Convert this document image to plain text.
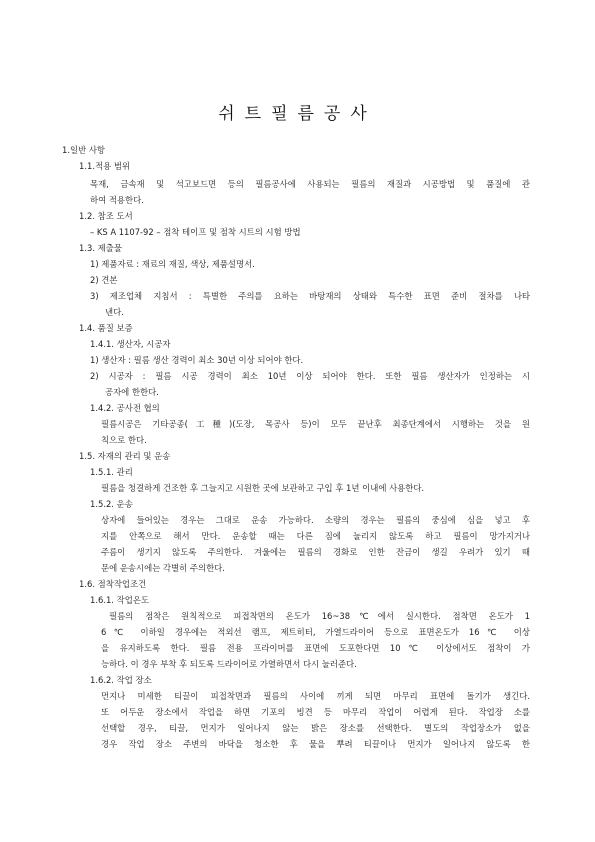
쉬트필름공사
1.일반 사항
1.1.적용 범위
목재, 금속재 및 석고보드면 등의 필름공사에 사용되는 필름의 재질과 시공방법 및 품질에 관
하여 적용한다.
1.2. 참조 도서
– KS A 1107-92 – 점착 테이프 및 점착 시트의 시험 방법
1.3. 제출물
1) 제품자료 : 재료의 재질, 색상, 제품설명서.
2) 견본
3) 제조업체 지침서 : 특별한 주의를 요하는 바탕재의 상태와 특수한 표면 준비 절차를 나타
낸다.
1.4. 품질 보증
1.4.1. 생산자, 시공자
1) 생산자 : 필름 생산 경력이 최소 30년 이상 되어야 한다.
2) 시공자 : 필름 시공 경력이 최소 10년 이상 되어야 한다. 또한 필름 생산자가 인정하는 시
공자에 한한다.
1.4.2. 공사전 협의
필름시공은 기타공종(工種)(도장, 목공사 등)이 모두 끝난후 최종단계에서 시행하는 것을 원
칙으로 한다.
1.5. 자재의 관리 및 운송
1.5.1. 관리
필름을 청결하게 건조한 후 그늘지고 시원한 곳에 보관하고 구입 후 1년 이내에 사용한다.
1.5.2. 운송
상자에 들어있는 경우는 그대로 운송 가능하다. 소량의 경우는 필름의 중심에 심을 넣고 후
지를 안쪽으로 해서 만다. 운송할 때는 다른 짐에 눌리지 않도록 하고 필름이 망가지거나
주름이 생기지 않도록 주의한다. 겨울에는 필름의 경화로 인한 잔금이 생길 우려가 있기 때
문에 운송시에는 각별히 주의한다.
1.6. 점착작업조건
1.6.1. 작업온도
필름의 점착은 원칙적으로 피접착면의 온도가 16~38℃에서 실시한다. 점착면 온도가 1
6℃ 이하일 경우에는 적외선 램프, 제트히터, 가열드라이어 등으로 표면온도가 16℃ 이상
을 유지하도록 한다. 필름 전용 프라이머를 표면에 도포한다면 10℃ 이상에서도 점착이 가
능하다. 이 경우 부착 후 되도록 드라이어로 가열하면서 다시 눌러준다.
1.6.2. 작업 장소
먼지나 미세한 티끌이 피접착면과 필름의 사이에 끼게 되면 마무리 표면에 돌기가 생긴다.
또 어두운 장소에서 작업을 하면 기포의 빙견 등 마무리 작업이 어렵게 된다. 작업장 소를
선택할 경우, 티끌, 먼지가 일어나지 않는 밝은 장소를 선택한다. 별도의 작업장소가 없을
경우 작업 장소 주변의 바닥을 청소한 후 물을 뿌려 티끌이나 먼지가 일어나지 않도록 한
